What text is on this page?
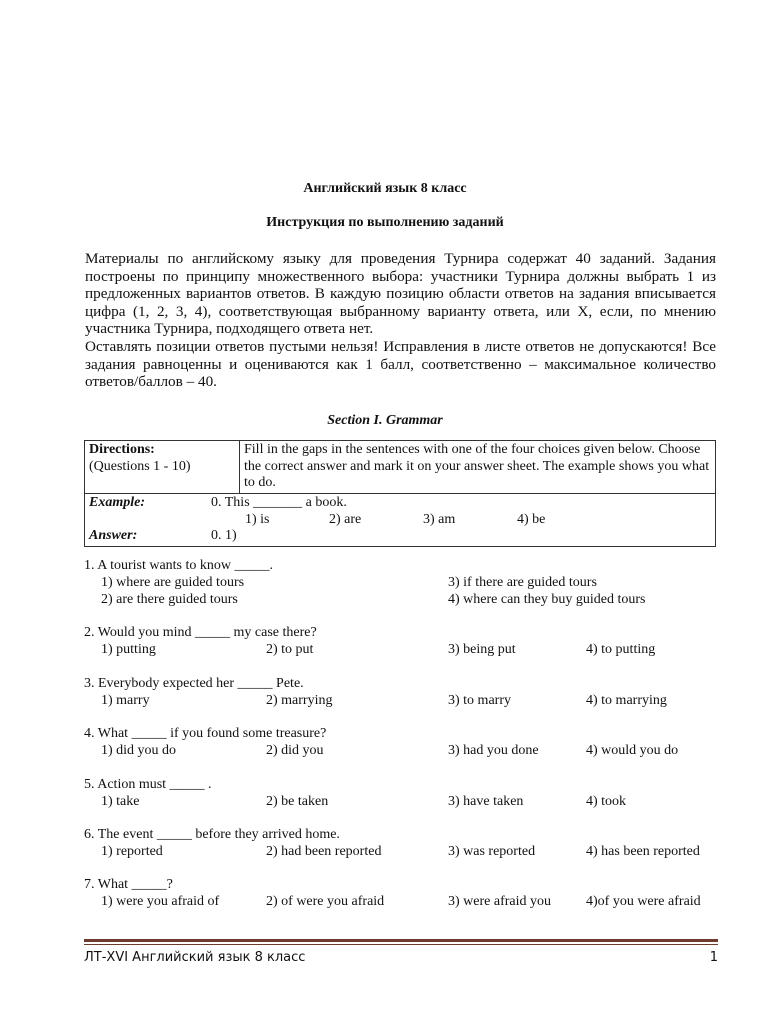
Английский язык 8 класс
Инструкция по выполнению заданий

Материалы по английскому языку для проведения Турнира содержат 40 заданий. Задания построены по принципу множественного выбора: участники Турнира должны выбрать 1 из предложенных вариантов ответов. В каждую позицию области ответов на задания вписывается цифра (1, 2, 3, 4), соответствующая выбранному варианту ответа, или X, если, по мнению участника Турнира, подходящего ответа нет.

Оставлять позиции ответов пустыми нельзя! Исправления в листе ответов не допускаются! Все задания равноценны и оцениваются как 1 балл, соответственно – максимальное количество ответов/баллов – 40.

Section I. Grammar
Directions:
(Questions 1 - 10)
	Fill in the gaps in the sentences with one of the four choices given below. Choose the correct answer and mark it on your answer sheet. The example shows you what to do.

Example:	0. This _______ a book.
1) is	2) are	3) am	4) be
Answer:	0. 1)
1. A tourist wants to know _____.
1) where are guided tours
2) are there guided tours
3) if there are guided tours
4) where can they buy guided tours
2. Would you mind _____ my case there?
1) putting	2) to put	3) being put	4) to putting
3. Everybody expected her _____ Pete.
1) marry	2) marrying	3) to marry	4) to marrying
4. What _____ if you found some treasure?
1) did you do	2) did you	3) had you done	4) would you do
5. Action must _____ .
1) take	2) be taken	3) have taken	4) took
6. The event _____ before they arrived home.
1) reported	2) had been reported	3) was reported	4) has been reported
7. What _____?
1) were you afraid of	2) of were you afraid	3) were afraid you 4)of you were afraid
ЛТ-XVI Английский язык 8 класс	1
